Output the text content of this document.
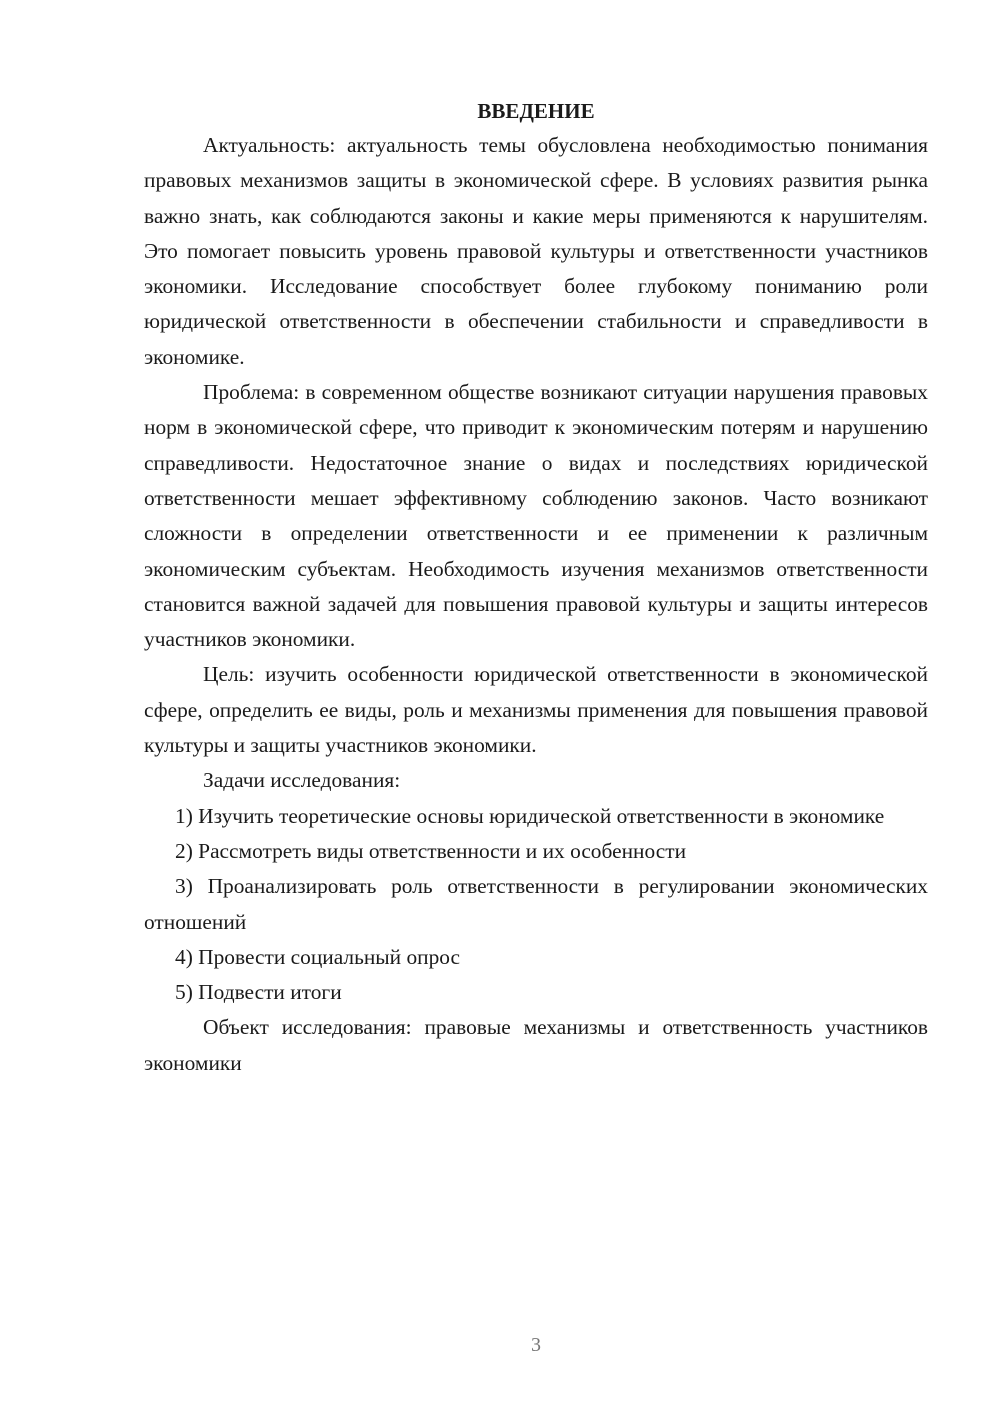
ВВЕДЕНИЕ

Актуальность: актуальность темы обусловлена необходимостью понимания правовых механизмов защиты в экономической сфере. В условиях развития рынка важно знать, как соблюдаются законы и какие меры применяются к нарушителям. Это помогает повысить уровень правовой культуры и ответственности участников экономики. Исследование способствует более глубокому пониманию роли юридической ответственности в обеспечении стабильности и справедливости в экономике.

Проблема: в современном обществе возникают ситуации нарушения правовых норм в экономической сфере, что приводит к экономическим потерям и нарушению справедливости. Недостаточное знание о видах и последствиях юридической ответственности мешает эффективному соблюдению законов. Часто возникают сложности в определении ответственности и ее применении к различным экономическим субъектам. Необходимость изучения механизмов ответственности становится важной задачей для повышения правовой культуры и защиты интересов участников экономики.

Цель: изучить особенности юридической ответственности в экономической сфере, определить ее виды, роль и механизмы применения для повышения правовой культуры и защиты участников экономики.

Задачи исследования:

1) Изучить теоретические основы юридической ответственности в экономике

2) Рассмотреть виды ответственности и их особенности

3) Проанализировать роль ответственности в регулировании экономических отношений

4) Провести социальный опрос

5) Подвести итоги

Объект исследования: правовые механизмы и ответственность участников экономики

3
